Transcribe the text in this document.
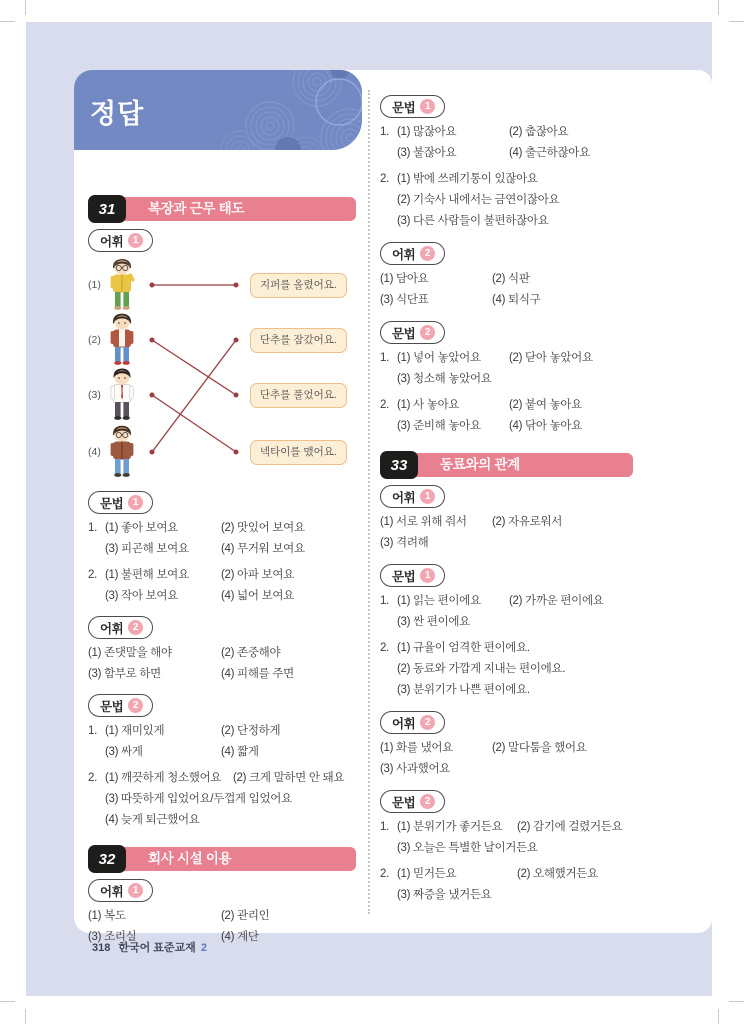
정답
복장과 근무 태도
31
어휘 1
(1)
(2)
(3)
(4)
지퍼를 올렸어요.
단추를 잠갔어요.
단추를 풀었어요.
넥타이를 맸어요.
문법 1
1. (1) 좋아 보여요	(2) 맛있어 보여요
(3) 피곤해 보여요	(4) 무거워 보여요
2. (1) 불편해 보여요	(2) 아파 보여요
(3) 작아 보여요	(4) 넓어 보여요
어휘 2
(1) 존댓말을 해야	(2) 존중해야
(3) 함부로 하면	(4) 피해를 주면
문법 2
1. (1) 재미있게	(2) 단정하게
(3) 싸게	(4) 짧게
2. (1) 깨끗하게 청소했어요	(2) 크게 말하면 안 돼요
(3) 따뜻하게 입었어요/두껍게 입었어요
(4) 늦게 퇴근했어요
회사 시설 이용
32
어휘 1
(1) 복도	(2) 관리인
(3) 조리실	(4) 계단
문법 1
1. (1) 많잖아요	(2) 춥잖아요
(3) 불잖아요	(4) 출근하잖아요
2. (1) 밖에 쓰레기통이 있잖아요
(2) 기숙사 내에서는 금연이잖아요
(3) 다른 사람들이 불편하잖아요
어휘 2
(1) 담아요	(2) 식판
(3) 식단표	(4) 퇴식구
문법 2
1. (1) 넣어 놓았어요	(2) 닫아 놓았어요
(3) 청소해 놓았어요
2. (1) 사 놓아요	(2) 붙여 놓아요
(3) 준비해 놓아요	(4) 닦아 놓아요
동료와의 관계
33
어휘 1
(1) 서로 위해 줘서	(2) 자유로워서
(3) 격려해
문법 1
1. (1) 읽는 편이에요	(2) 가까운 편이에요
(3) 싼 편이에요
2. (1) 규율이 엄격한 편이에요.
(2) 동료와 가깝게 지내는 편이에요.
(3) 분위기가 나쁜 편이에요.
어휘 2
(1) 화를 냈어요	(2) 말다툼을 했어요
(3) 사과했어요
문법 2
1. (1) 분위기가 좋거든요	(2) 감기에 걸렸거든요
(3) 오늘은 특별한 날이거든요
2. (1) 믿거든요	(2) 오해했거든요
(3) 짜증을 냈거든요
318 한국어 표준교재 2
